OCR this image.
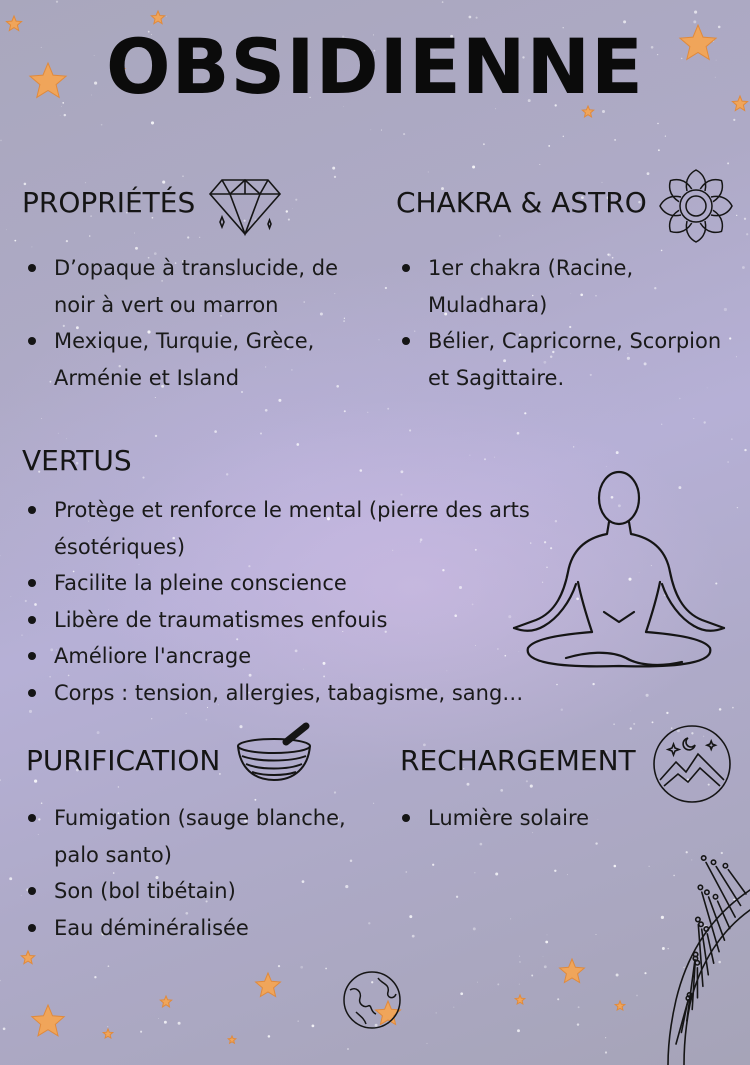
OBSIDIENNE
PROPRIÉTÉS
D’opaque à translucide, de noir à vert ou marron
Mexique, Turquie, Grèce, Arménie et Island
CHAKRA & ASTRO
1er chakra (Racine, Muladhara)
Bélier, Capricorne, Scorpion et Sagittaire.
VERTUS
Protège et renforce le mental (pierre des arts ésotériques)
Facilite la pleine conscience
Libère de traumatismes enfouis
Améliore l'ancrage
Corps : tension, allergies, tabagisme, sang…
PURIFICATION
Fumigation (sauge blanche, palo santo)
Son (bol tibétain)
Eau déminéralisée
RECHARGEMENT
Lumière solaire
